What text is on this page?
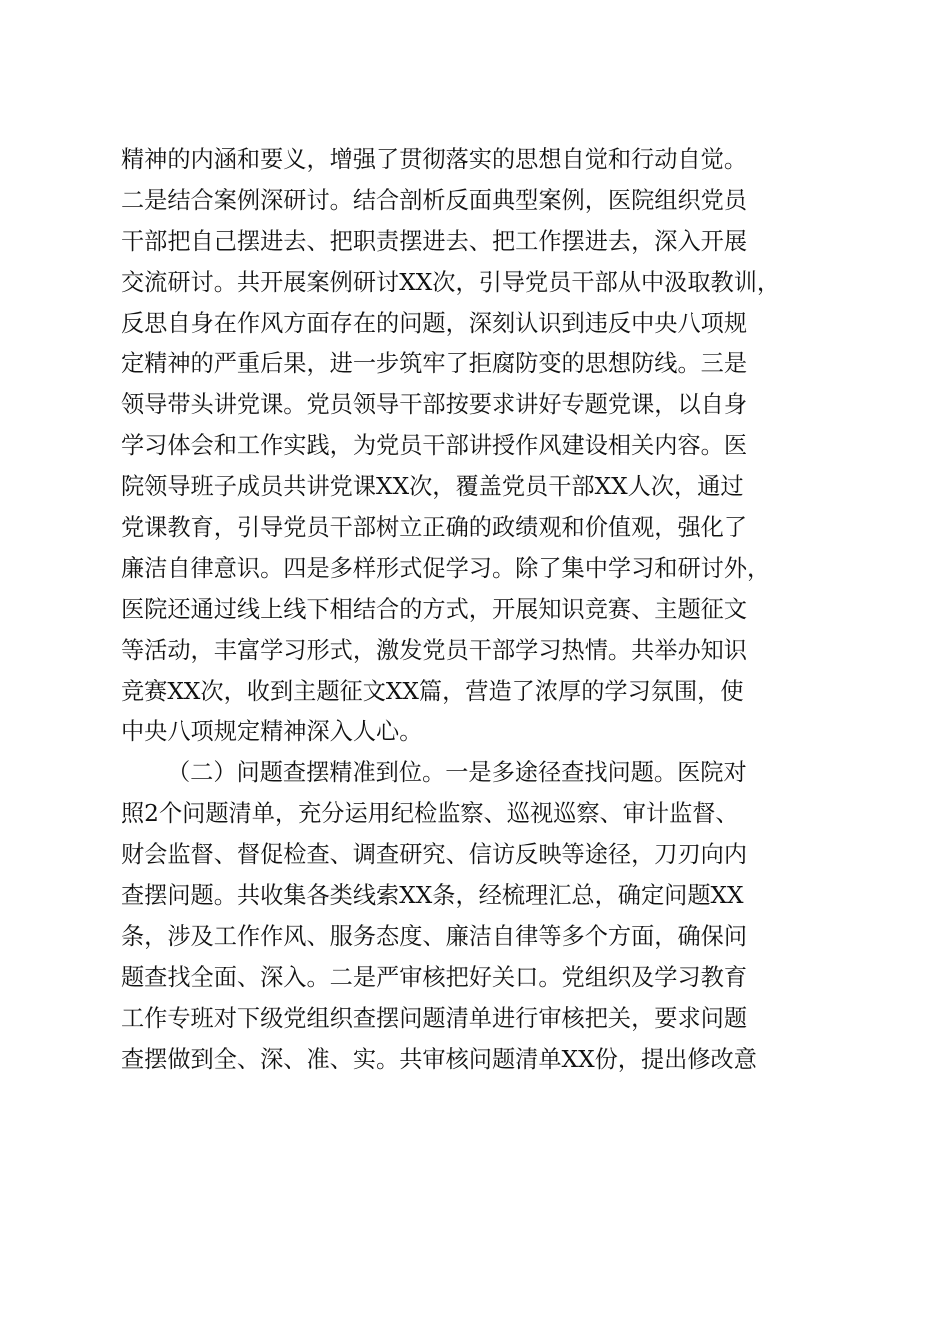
精神的内涵和要义，增强了贯彻落实的思想自觉和行动自觉。
二是结合案例深研讨。结合剖析反面典型案例，医院组织党员
干部把自己摆进去、把职责摆进去、把工作摆进去，深入开展
交流研讨。共开展案例研讨XX次，引导党员干部从中汲取教训，
反思自身在作风方面存在的问题，深刻认识到违反中央八项规
定精神的严重后果，进一步筑牢了拒腐防变的思想防线。三是
领导带头讲党课。党员领导干部按要求讲好专题党课，以自身
学习体会和工作实践，为党员干部讲授作风建设相关内容。医
院领导班子成员共讲党课XX次，覆盖党员干部XX人次，通过
党课教育，引导党员干部树立正确的政绩观和价值观，强化了
廉洁自律意识。四是多样形式促学习。除了集中学习和研讨外，
医院还通过线上线下相结合的方式，开展知识竞赛、主题征文
等活动，丰富学习形式，激发党员干部学习热情。共举办知识
竞赛XX次，收到主题征文XX篇，营造了浓厚的学习氛围，使
中央八项规定精神深入人心。
（二）问题查摆精准到位。一是多途径查找问题。医院对
照2个问题清单，充分运用纪检监察、巡视巡察、审计监督、
财会监督、督促检查、调查研究、信访反映等途径，刀刃向内
查摆问题。共收集各类线索XX条，经梳理汇总，确定问题XX
条，涉及工作作风、服务态度、廉洁自律等多个方面，确保问
题查找全面、深入。二是严审核把好关口。党组织及学习教育
工作专班对下级党组织查摆问题清单进行审核把关，要求问题
查摆做到全、深、准、实。共审核问题清单XX份，提出修改意
